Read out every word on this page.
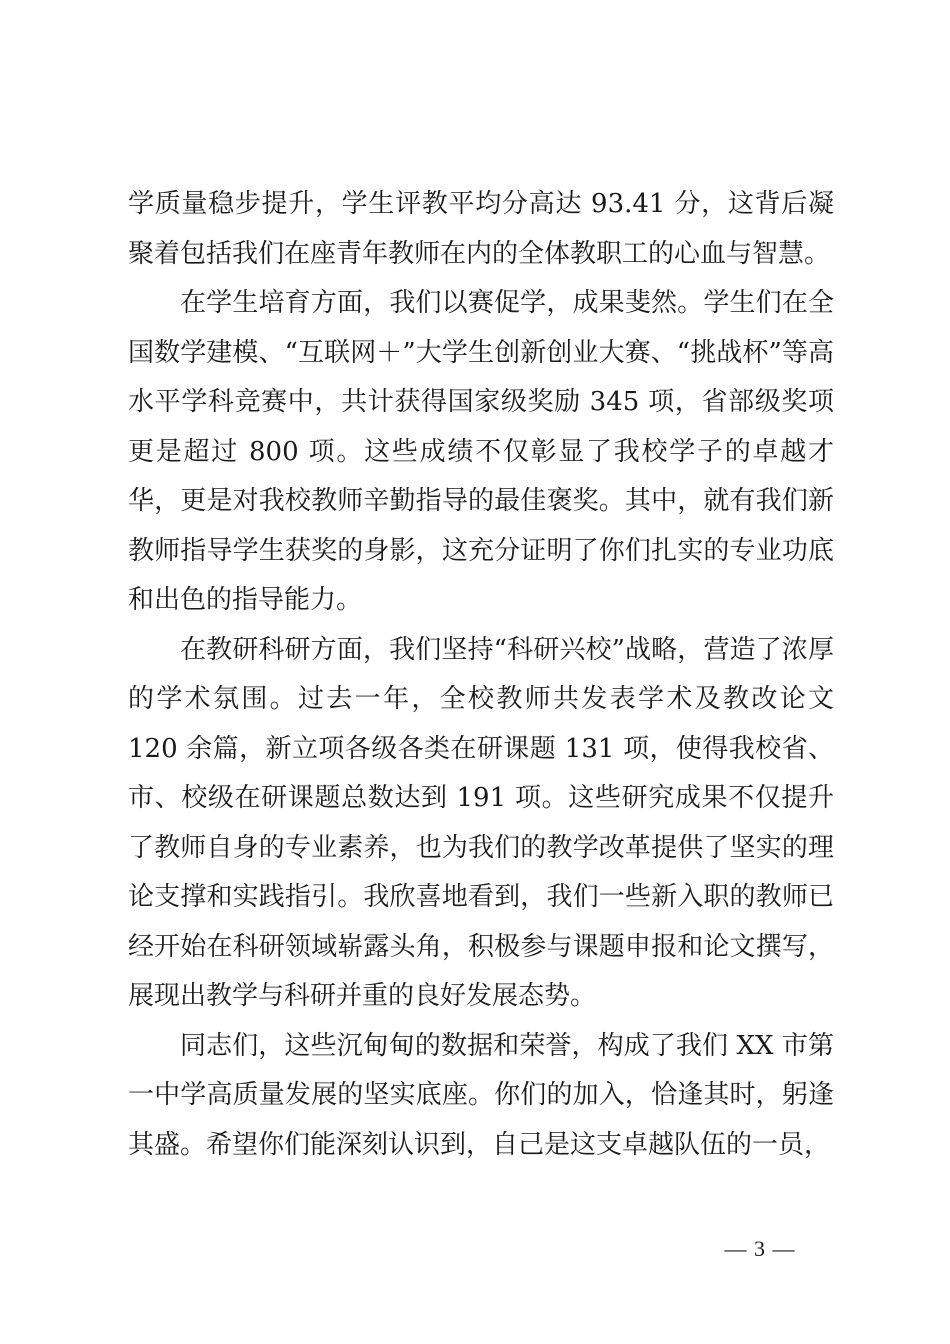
学质量稳步提升，学生评教平均分高达 93.41 分，这背后凝聚着包括我们在座青年教师在内的全体教职工的心血与智慧。

在学生培育方面，我们以赛促学，成果斐然。学生们在全国数学建模、“互联网＋”大学生创新创业大赛、“挑战杯”等高水平学科竞赛中，共计获得国家级奖励 345 项，省部级奖项更是超过 800 项。这些成绩不仅彰显了我校学子的卓越才华，更是对我校教师辛勤指导的最佳褒奖。其中，就有我们新教师指导学生获奖的身影，这充分证明了你们扎实的专业功底和出色的指导能力。

在教研科研方面，我们坚持“科研兴校”战略，营造了浓厚的学术氛围。过去一年，全校教师共发表学术及教改论文 120 余篇，新立项各级各类在研课题 131 项，使得我校省、市、校级在研课题总数达到 191 项。这些研究成果不仅提升了教师自身的专业素养，也为我们的教学改革提供了坚实的理论支撑和实践指引。我欣喜地看到，我们一些新入职的教师已经开始在科研领域崭露头角，积极参与课题申报和论文撰写，展现出教学与科研并重的良好发展态势。

同志们，这些沉甸甸的数据和荣誉，构成了我们 XX 市第一中学高质量发展的坚实底座。你们的加入，恰逢其时，躬逢其盛。希望你们能深刻认识到，自己是这支卓越队伍的一员，

— 3 —
